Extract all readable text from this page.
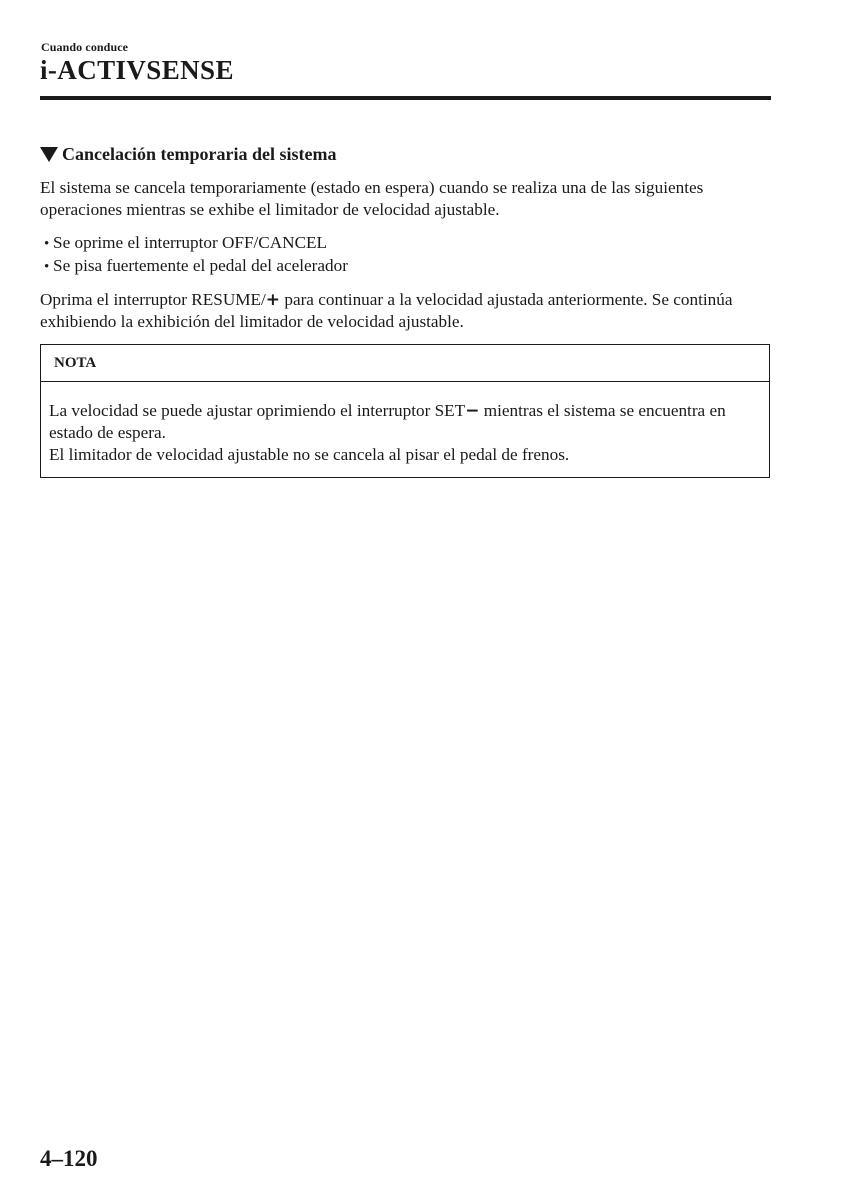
Cuando conduce
i-ACTIVSENSE
Cancelación temporaria del sistema

El sistema se cancela temporariamente (estado en espera) cuando se realiza una de las siguientes operaciones mientras se exhibe el limitador de velocidad ajustable.

• Se oprime el interruptor OFF/CANCEL
• Se pisa fuertemente el pedal del acelerador

Oprima el interruptor RESUME/+ para continuar a la velocidad ajustada anteriormente. Se continúa exhibiendo la exhibición del limitador de velocidad ajustable.

NOTA
La velocidad se puede ajustar oprimiendo el interruptor SET− mientras el sistema se encuentra en estado de espera.
El limitador de velocidad ajustable no se cancela al pisar el pedal de frenos.
4–120
